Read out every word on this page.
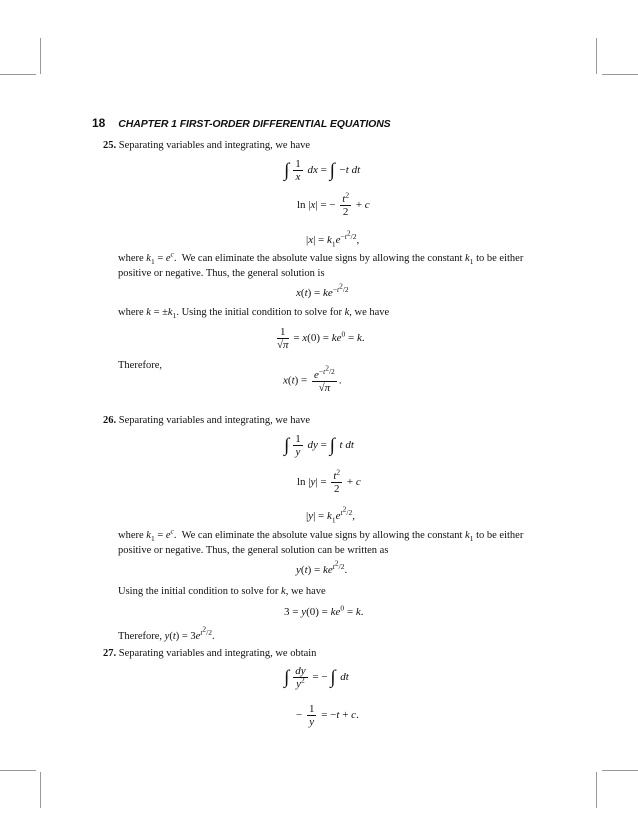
18 CHAPTER 1 FIRST-ORDER DIFFERENTIAL EQUATIONS
25. Separating variables and integrating, we have
∫ $\frac{1}{x}$ dx = ∫ −t dt
ln |x| = − $\frac{t^2}{2} + c$
$|x| = k_1e^{-t^2/2}$,
where $k_1 = e^c$.  We can eliminate the absolute value signs by allowing the constant $k_1$ to be either
positive or negative. Thus, the general solution is
$x(t) = ke^{-t^2/2}$
where $k = \pm k_1$. Using the initial condition to solve for k, we have
$\frac{1}{√\pi} = x(0) = ke^0 = k$.
Therefore,
$x(t) = \frac{e^{-t^2/2}}{√\pi}$ .
26. Separating variables and integrating, we have
∫ $\frac{1}{y}$ dy = ∫ t dt
$\ln |y| = \frac{t^2}{2} + c$
$|y| = k_1e^{t^2/2}$,
where $k_1 = e^c$.  We can eliminate the absolute value signs by allowing the constant $k_1$ to be either
positive or negative. Thus, the general solution can be written as
$y(t) = ke^{t^2/2}$.
Using the initial condition to solve for k, we have
$3 = y(0) = ke^0 = k$.
Therefore, $y(t) = 3e^{t^2/2}$.
27. Separating variables and integrating, we obtain
∫ $\frac{dy}{y^2}$ = − ∫ dt
− $\frac{1}{y} = -t + c$.
